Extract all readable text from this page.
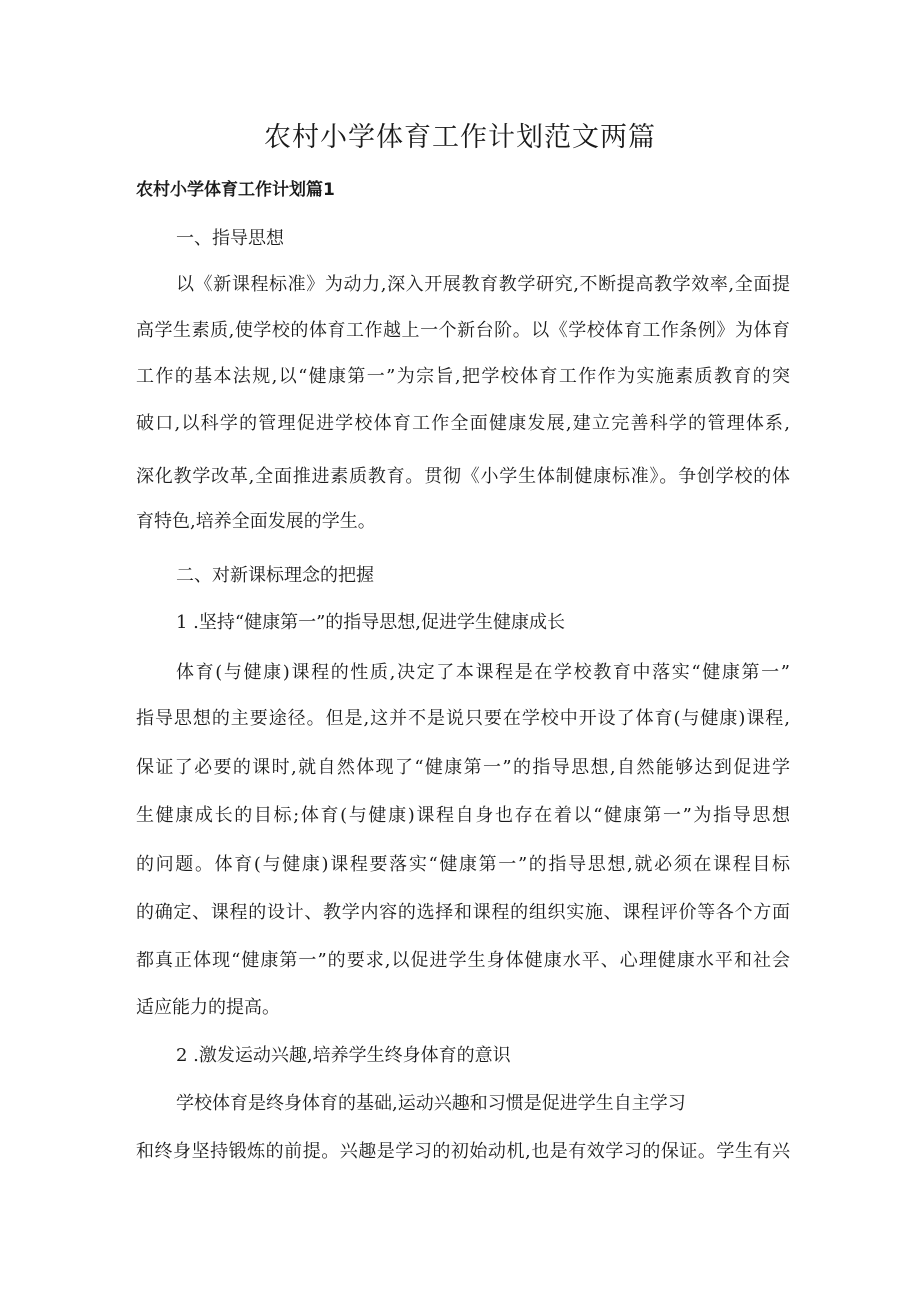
农村小学体育工作计划范文两篇
农村小学体育工作计划篇1

一、指导思想

以《新课程标准》为动力,深入开展教育教学研究,不断提高教学效率,全面提

高学生素质,使学校的体育工作越上一个新台阶。以《学校体育工作条例》为体育

工作的基本法规,以“健康第一”为宗旨,把学校体育工作作为实施素质教育的突

破口,以科学的管理促进学校体育工作全面健康发展,建立完善科学的管理体系,

深化教学改革,全面推进素质教育。贯彻《小学生体制健康标准》。争创学校的体

育特色,培养全面发展的学生。

二、对新课标理念的把握

1 .坚持“健康第一”的指导思想,促进学生健康成长

体育(与健康)课程的性质,决定了本课程是在学校教育中落实“健康第一”

指导思想的主要途径。但是,这并不是说只要在学校中开设了体育(与健康)课程,

保证了必要的课时,就自然体现了“健康第一”的指导思想,自然能够达到促进学

生健康成长的目标;体育(与健康)课程自身也存在着以“健康第一”为指导思想

的问题。体育(与健康)课程要落实“健康第一”的指导思想,就必须在课程目标

的确定、课程的设计、教学内容的选择和课程的组织实施、课程评价等各个方面

都真正体现“健康第一”的要求,以促进学生身体健康水平、心理健康水平和社会

适应能力的提高。

2 .激发运动兴趣,培养学生终身体育的意识

学校体育是终身体育的基础,运动兴趣和习惯是促进学生自主学习

和终身坚持锻炼的前提。兴趣是学习的初始动机,也是有效学习的保证。学生有兴
